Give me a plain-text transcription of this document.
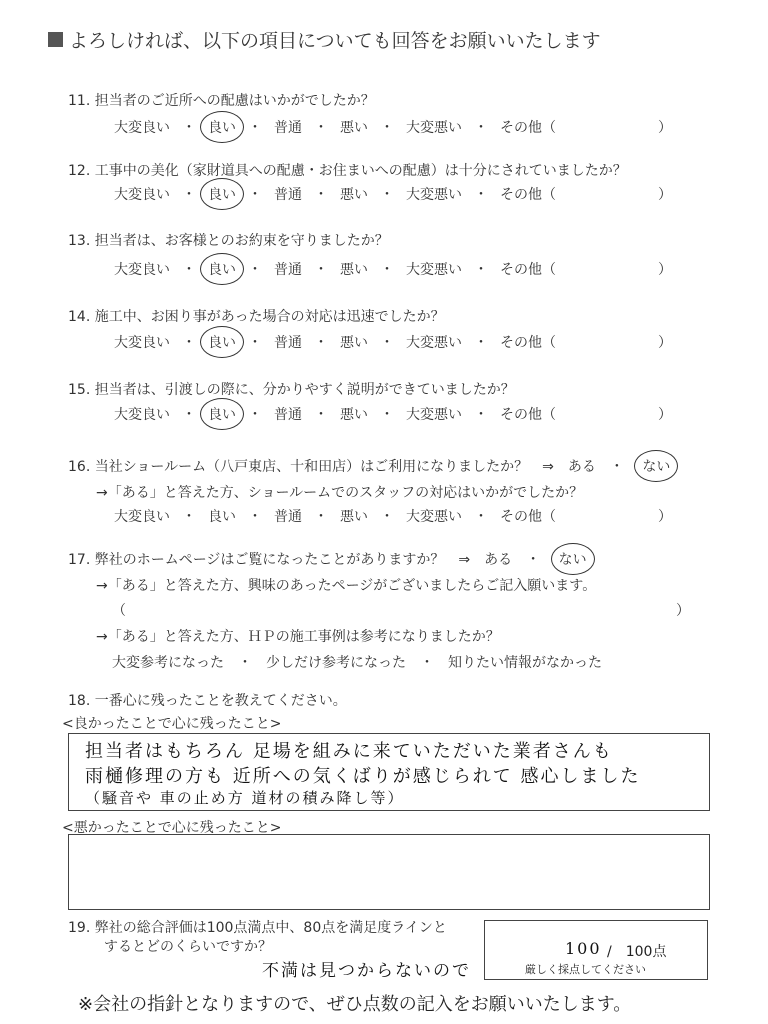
よろしければ、以下の項目についても回答をお願いいたします
11. 担当者のご近所への配慮はいかがでしたか？
大変良い ・ 良い ・ 普通 ・ 悪い ・ 大変悪い ・ その他（	）
12. 工事中の美化（家財道具への配慮・お住まいへの配慮）は十分にされていましたか？
大変良い ・ 良い ・ 普通 ・ 悪い ・ 大変悪い ・ その他（	）
13. 担当者は、お客様とのお約束を守りましたか？
大変良い ・ 良い ・ 普通 ・ 悪い ・ 大変悪い ・ その他（	）
14. 施工中、お困り事があった場合の対応は迅速でしたか？
大変良い ・ 良い ・ 普通 ・ 悪い ・ 大変悪い ・ その他（	）
15. 担当者は、引渡しの際に、分かりやすく説明ができていましたか？
大変良い ・ 良い ・ 普通 ・ 悪い ・ 大変悪い ・ その他（	）
16. 当社ショールーム（八戸東店、十和田店）はご利用になりましたか？　⇒　ある　・ ない
→「ある」と答えた方、ショールームでのスタッフの対応はいかがでしたか？
大変良い ・ 良い ・ 普通 ・ 悪い ・ 大変悪い ・ その他（	）
17. 弊社のホームページはご覧になったことがありますか？　⇒　ある　・ ない
→「ある」と答えた方、興味のあったページがございましたらご記入願います。
（	）
→「ある」と答えた方、ＨＰの施工事例は参考になりましたか？
大変参考になった　・　少しだけ参考になった　・　知りたい情報がなかった
18. 一番心に残ったことを教えてください。
<良かったことで心に残ったこと>
担当者はもちろん 足場を組みに来ていただいた業者さんも
雨樋修理の方も 近所への気くばりが感じられて 感心しました
（騒音や 車の止め方 道材の積み降し等）
<悪かったことで心に残ったこと>
19. 弊社の総合評価は100点満点中、80点を満足度ラインと
するとどのくらいですか？
不満は見つからないので
100 /　100点
厳しく採点してください
※会社の指針となりますので、ぜひ点数の記入をお願いいたします。
